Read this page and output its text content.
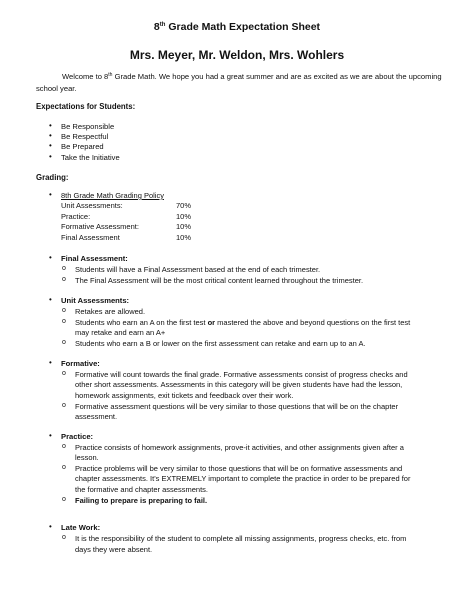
8th Grade Math Expectation Sheet
Mrs. Meyer, Mr. Weldon, Mrs. Wohlers
Welcome to 8th Grade Math. We hope you had a great summer and are as excited as we are about the upcoming school year.
Expectations for Students:
• Be Responsible
• Be Respectful
• Be Prepared
• Take the Initiative
Grading:
• 8th Grade Math Grading Policy
Unit Assessments:	70%
Practice:	10%
Formative Assessment:	10%
Final Assessment	10%
• Final Assessment:
o Students will have a Final Assessment based at the end of each trimester.
o The Final Assessment will be the most critical content learned throughout the trimester.
• Unit Assessments:
o Retakes are allowed.
o Students who earn an A on the first test or mastered the above and beyond questions on the first test
may retake and earn an A+
o Students who earn a B or lower on the first assessment can retake and earn up to an A.
• Formative:
o Formative will count towards the final grade. Formative assessments consist of progress checks and
other short assessments. Assessments in this category will be given students have had the lesson,
homework assignments, exit tickets and feedback over their work.
o Formative assessment questions will be very similar to those questions that will be on the chapter
assessment.
• Practice:
o Practice consists of homework assignments, prove-it activities, and other assignments given after a
lesson.
o Practice problems will be very similar to those questions that will be on formative assessments and
chapter assessments. It's EXTREMELY important to complete the practice in order to be prepared for
the formative and chapter assessments.
o Failing to prepare is preparing to fail.
• Late Work:
o It is the responsibility of the student to complete all missing assignments, progress checks, etc. from
days they were absent.
